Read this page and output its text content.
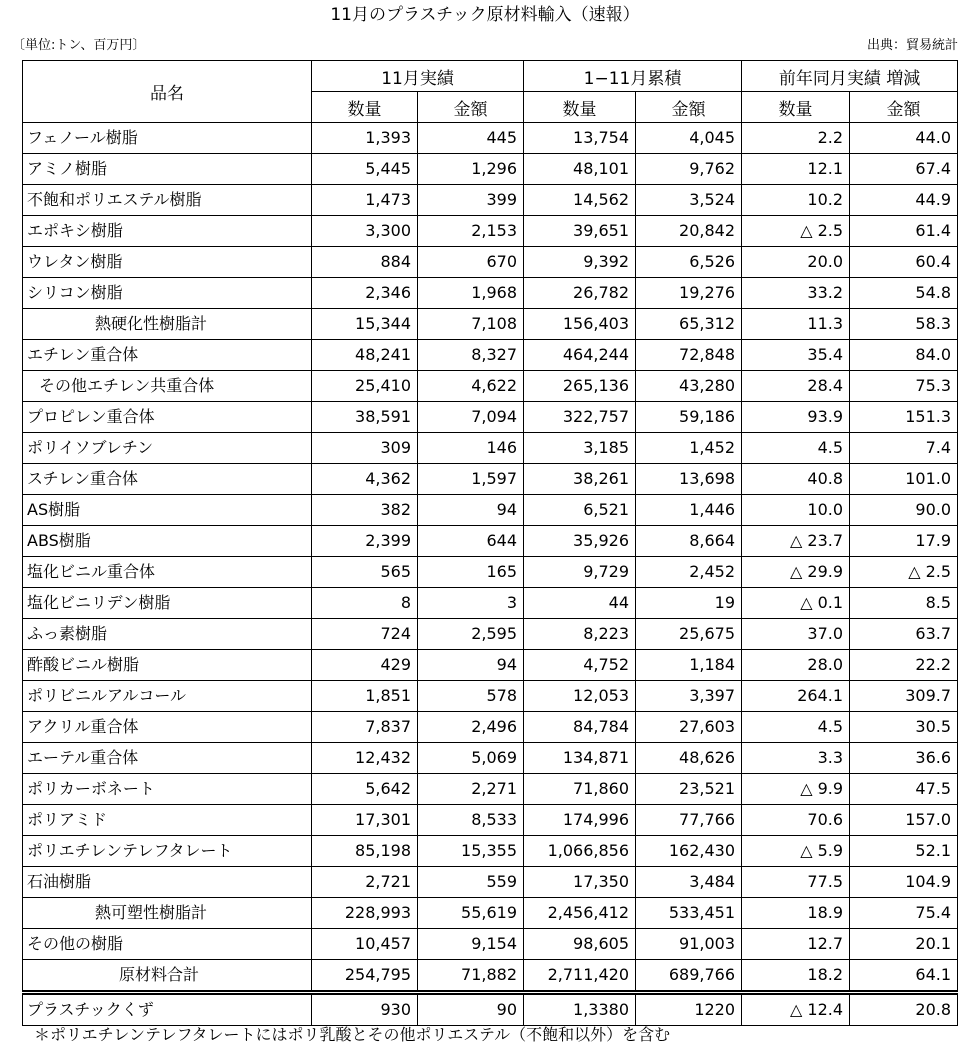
11月のプラスチック原材料輸入（速報）
〔単位:トン、百万円〕	出典：貿易統計
品名	11月実績		1−11月累積		前年同月実績 増減	
	数量	金額	数量	金額	数量	金額
フェノール樹脂	1,393	445	13,754	4,045	2.2	44.0
アミノ樹脂	5,445	1,296	48,101	9,762	12.1	67.4
不飽和ポリエステル樹脂	1,473	399	14,562	3,524	10.2	44.9
エポキシ樹脂	3,300	2,153	39,651	20,842	△ 2.5	61.4
ウレタン樹脂	884	670	9,392	6,526	20.0	60.4
シリコン樹脂	2,346	1,968	26,782	19,276	33.2	54.8
熱硬化性樹脂計	15,344	7,108	156,403	65,312	11.3	58.3
エチレン重合体	48,241	8,327	464,244	72,848	35.4	84.0
その他エチレン共重合体	25,410	4,622	265,136	43,280	28.4	75.3
プロピレン重合体	38,591	7,094	322,757	59,186	93.9	151.3
ポリイソブレチン	309	146	3,185	1,452	4.5	7.4
スチレン重合体	4,362	1,597	38,261	13,698	40.8	101.0
AS樹脂	382	94	6,521	1,446	10.0	90.0
ABS樹脂	2,399	644	35,926	8,664	△ 23.7	17.9
塩化ビニル重合体	565	165	9,729	2,452	△ 29.9	△ 2.5
塩化ビニリデン樹脂	8	3	44	19	△ 0.1	8.5
ふっ素樹脂	724	2,595	8,223	25,675	37.0	63.7
酢酸ビニル樹脂	429	94	4,752	1,184	28.0	22.2
ポリビニルアルコール	1,851	578	12,053	3,397	264.1	309.7
アクリル重合体	7,837	2,496	84,784	27,603	4.5	30.5
エーテル重合体	12,432	5,069	134,871	48,626	3.3	36.6
ポリカーボネート	5,642	2,271	71,860	23,521	△ 9.9	47.5
ポリアミド	17,301	8,533	174,996	77,766	70.6	157.0
ポリエチレンテレフタレート	85,198	15,355	1,066,856	162,430	△ 5.9	52.1
石油樹脂	2,721	559	17,350	3,484	77.5	104.9
熱可塑性樹脂計	228,993	55,619	2,456,412	533,451	18.9	75.4
その他の樹脂	10,457	9,154	98,605	91,003	12.7	20.1
原材料合計	254,795	71,882	2,711,420	689,766	18.2	64.1
プラスチックくず	930	90	1,3380	1220	△ 12.4	20.8
＊ポリエチレンテレフタレートにはポリ乳酸とその他ポリエステル（不飽和以外）を含む
